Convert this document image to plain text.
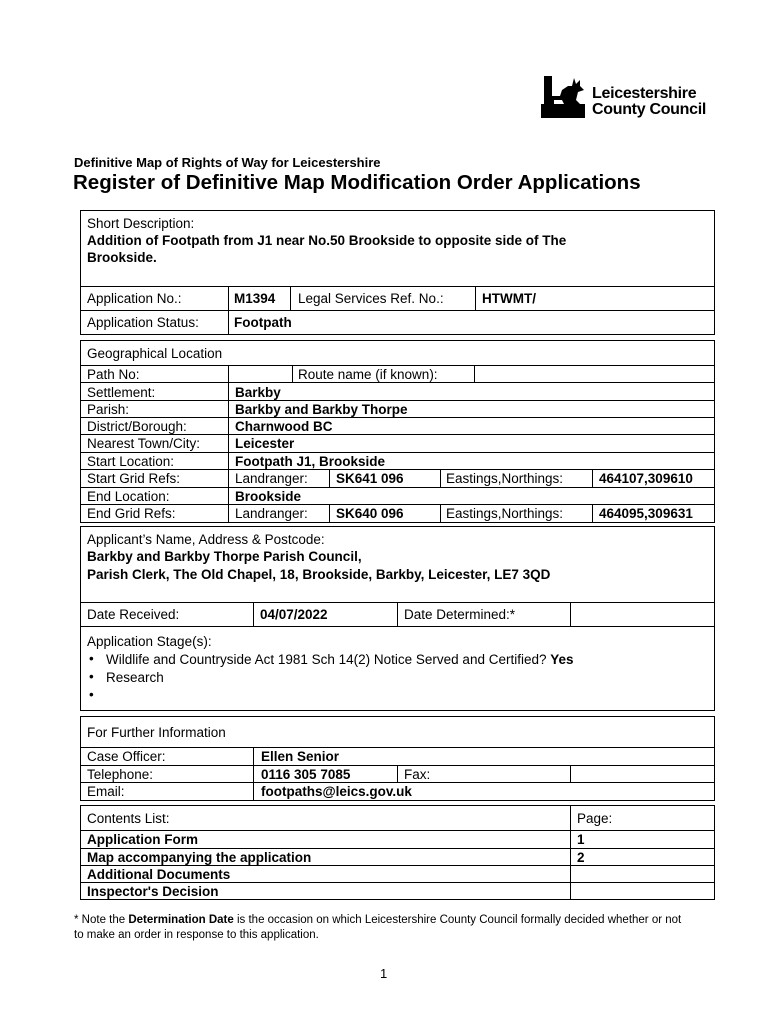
Leicestershire
County Council
Definitive Map of Rights of Way for Leicestershire
Register of Definitive Map Modification Order Applications
Short Description:
Addition of Footpath from J1 near No.50 Brookside to opposite side of The
Brookside.
Application No.:	M1394 Legal Services Ref. No.:	HTWMT/
Application Status:	Footpath
Geographical Location
Path No:	Route name (if known):
Settlement:	Barkby
Parish:	Barkby and Barkby Thorpe
District/Borough:	Charnwood BC
Nearest Town/City:	Leicester
Start Location:	Footpath J1, Brookside
Start Grid Refs:	Landranger: SK641 096	Eastings,Northings:	464107,309610
End Location:	Brookside
End Grid Refs:	Landranger: SK640 096	Eastings,Northings:	464095,309631
Applicant’s Name, Address & Postcode:
Barkby and Barkby Thorpe Parish Council,
Parish Clerk, The Old Chapel, 18, Brookside, Barkby, Leicester, LE7 3QD
Date Received:	04/07/2022	Date Determined:*
Application Stage(s):
• Wildlife and Countryside Act 1981 Sch 14(2) Notice Served and Certified? Yes
• Research
•
For Further Information
Case Officer:	Ellen Senior
Telephone:	0116 305 7085	Fax:
Email:	footpaths@leics.gov.uk
Contents List:	Page:
Application Form	1
Map accompanying the application	2
Additional Documents
Inspector's Decision
* Note the Determination Date is the occasion on which Leicestershire County Council formally decided whether or not to make an order in response to this application.
1
